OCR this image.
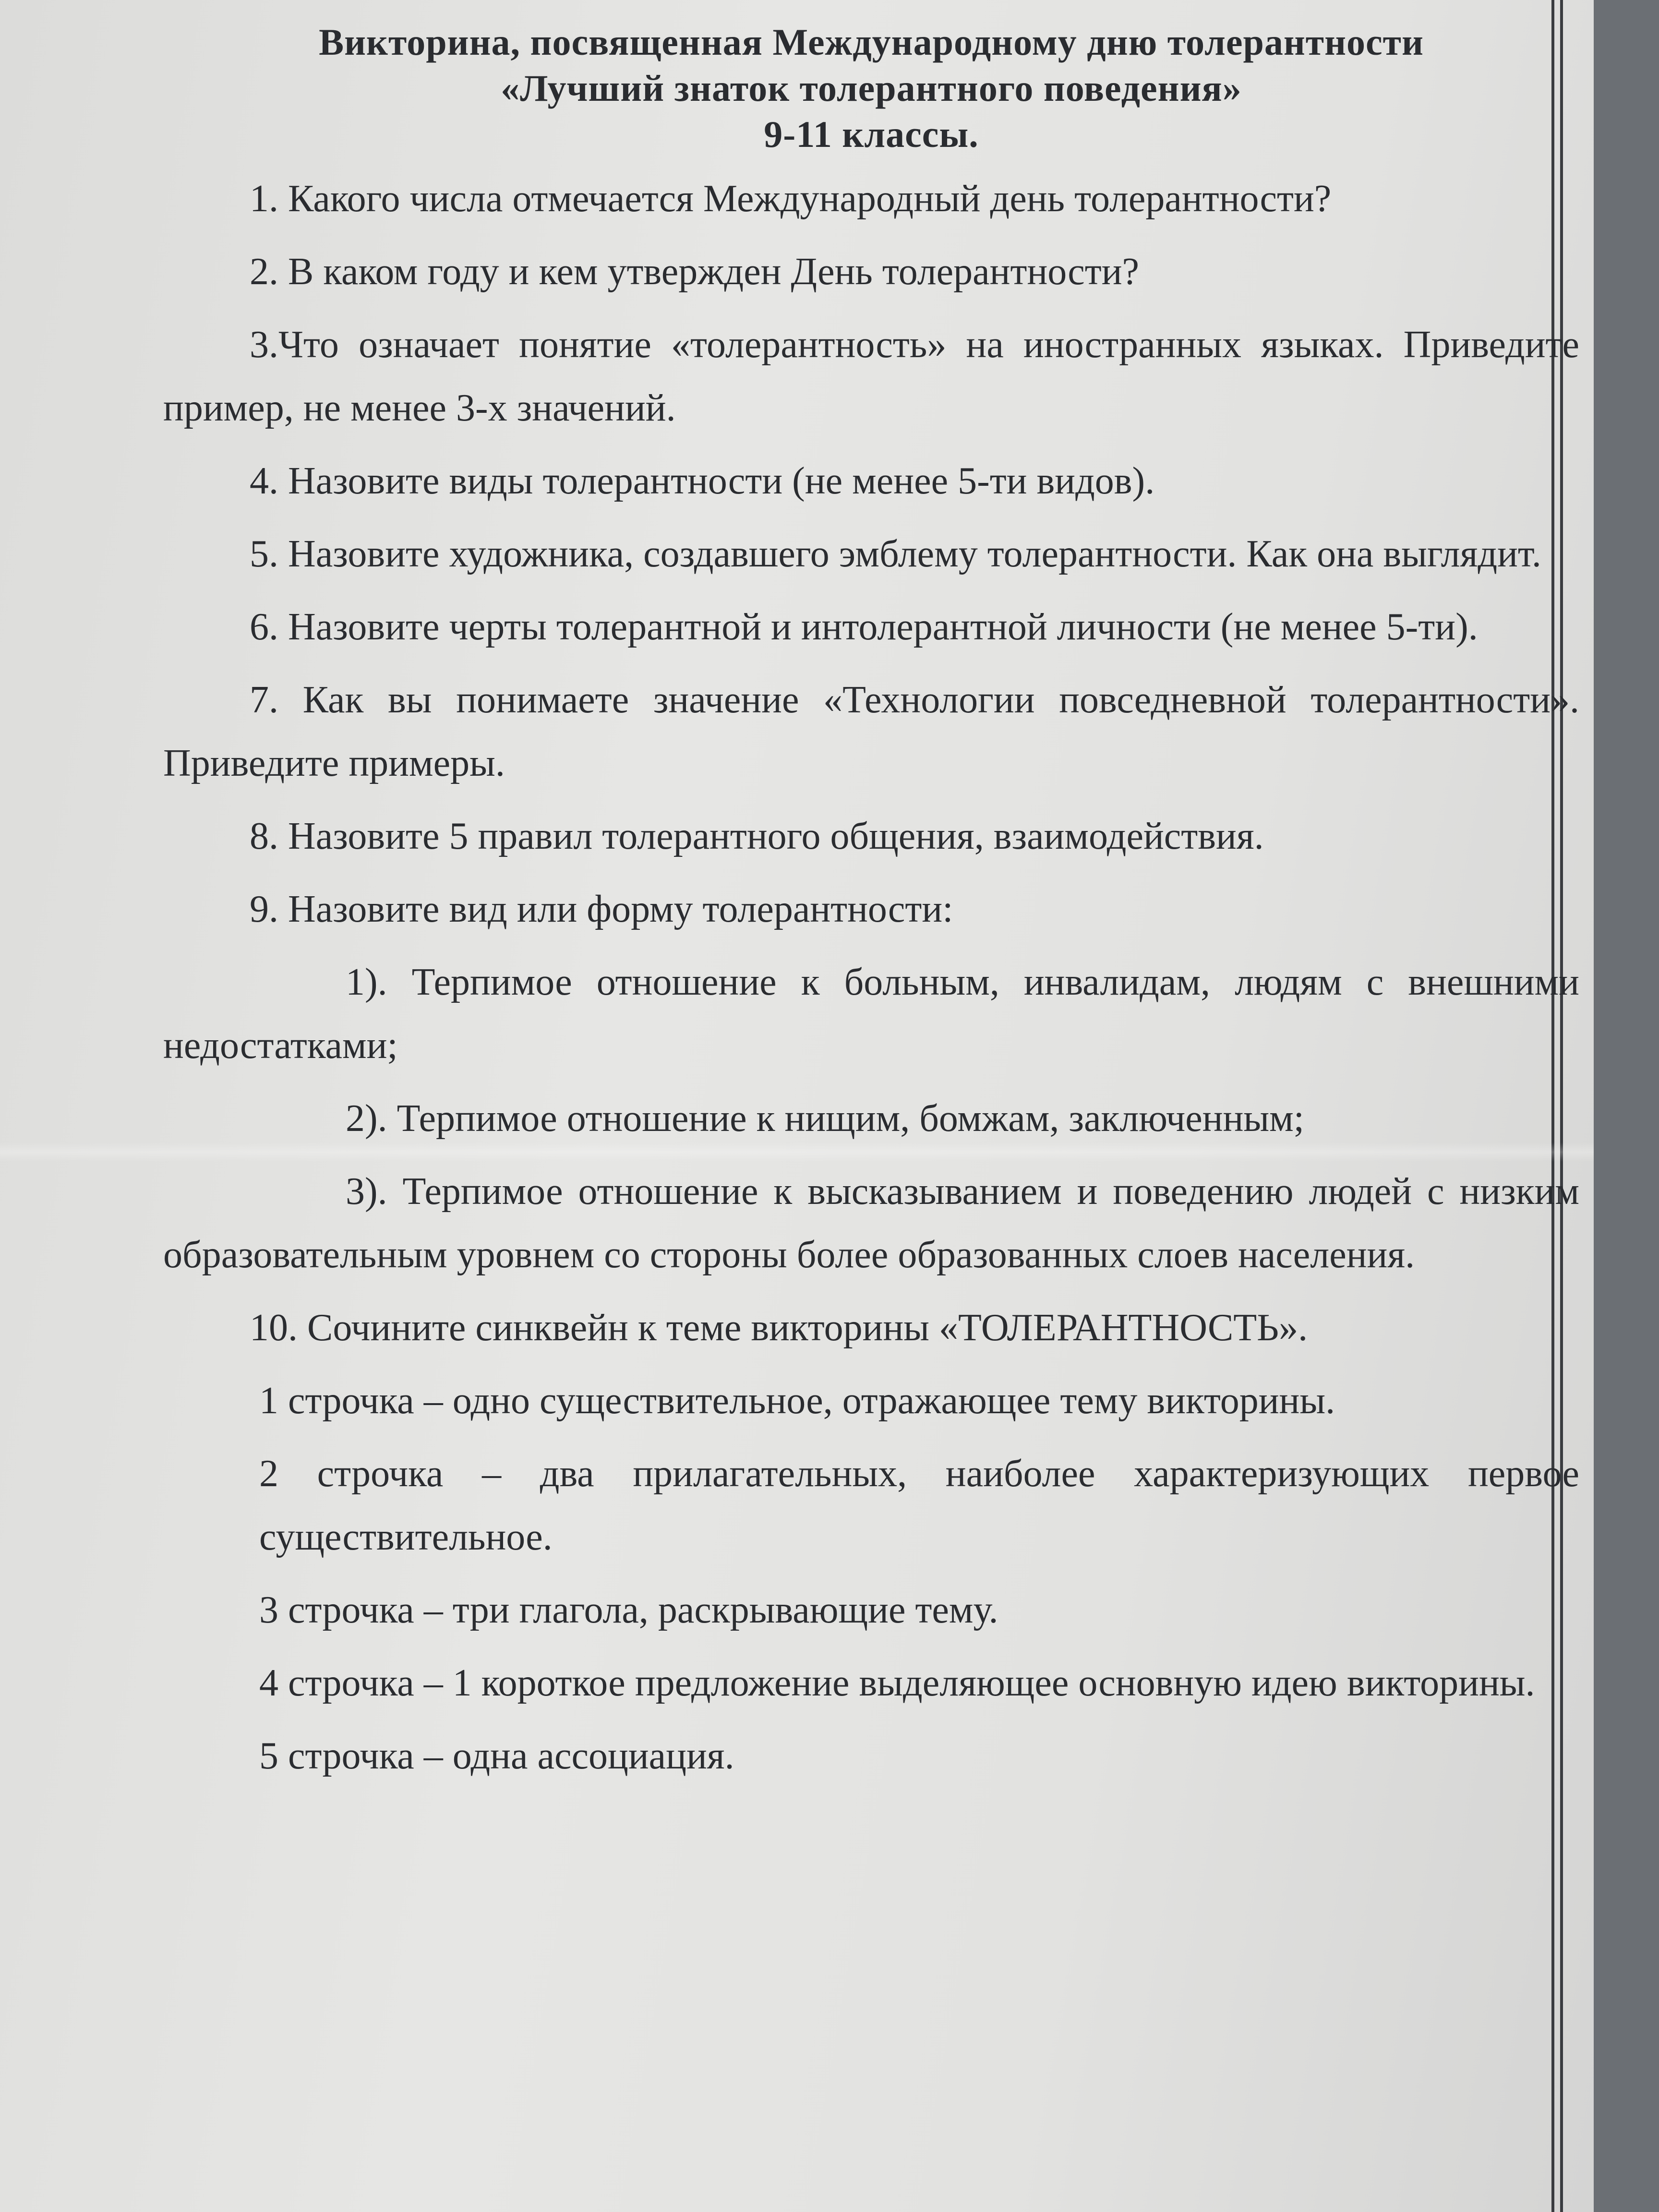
Викторина, посвященная Международному дню толерантности

«Лучший знаток толерантного поведения»

9-11 классы.

1. Какого числа отмечается Международный день толерантности?

2. В каком году и кем утвержден День толерантности?

3.Что означает понятие «толерантность» на иностранных языках. Приведите пример, не менее 3-х значений.

4. Назовите виды толерантности (не менее 5-ти видов).

5. Назовите художника, создавшего эмблему толерантности. Как она выглядит.

6. Назовите черты толерантной и интолерантной личности (не менее 5-ти).

7. Как вы понимаете значение «Технологии повседневной толерантности». Приведите примеры.

8. Назовите 5 правил толерантного общения, взаимодействия.

9. Назовите вид или форму толерантности:

1). Терпимое отношение к больным, инвалидам, людям с внешними недостатками;

2). Терпимое отношение к нищим, бомжам, заключенным;

3). Терпимое отношение к высказыванием и поведению людей с низким образовательным уровнем со стороны более образованных слоев населения.

10. Сочините синквейн к теме викторины «ТОЛЕРАНТНОСТЬ».

1 строчка – одно существительное, отражающее тему викторины.

2 строчка – два прилагательных, наиболее характеризующих первое существительное.

3 строчка – три глагола, раскрывающие тему.

4 строчка – 1 короткое предложение выделяющее основную идею викторины.

5 строчка – одна ассоциация.
